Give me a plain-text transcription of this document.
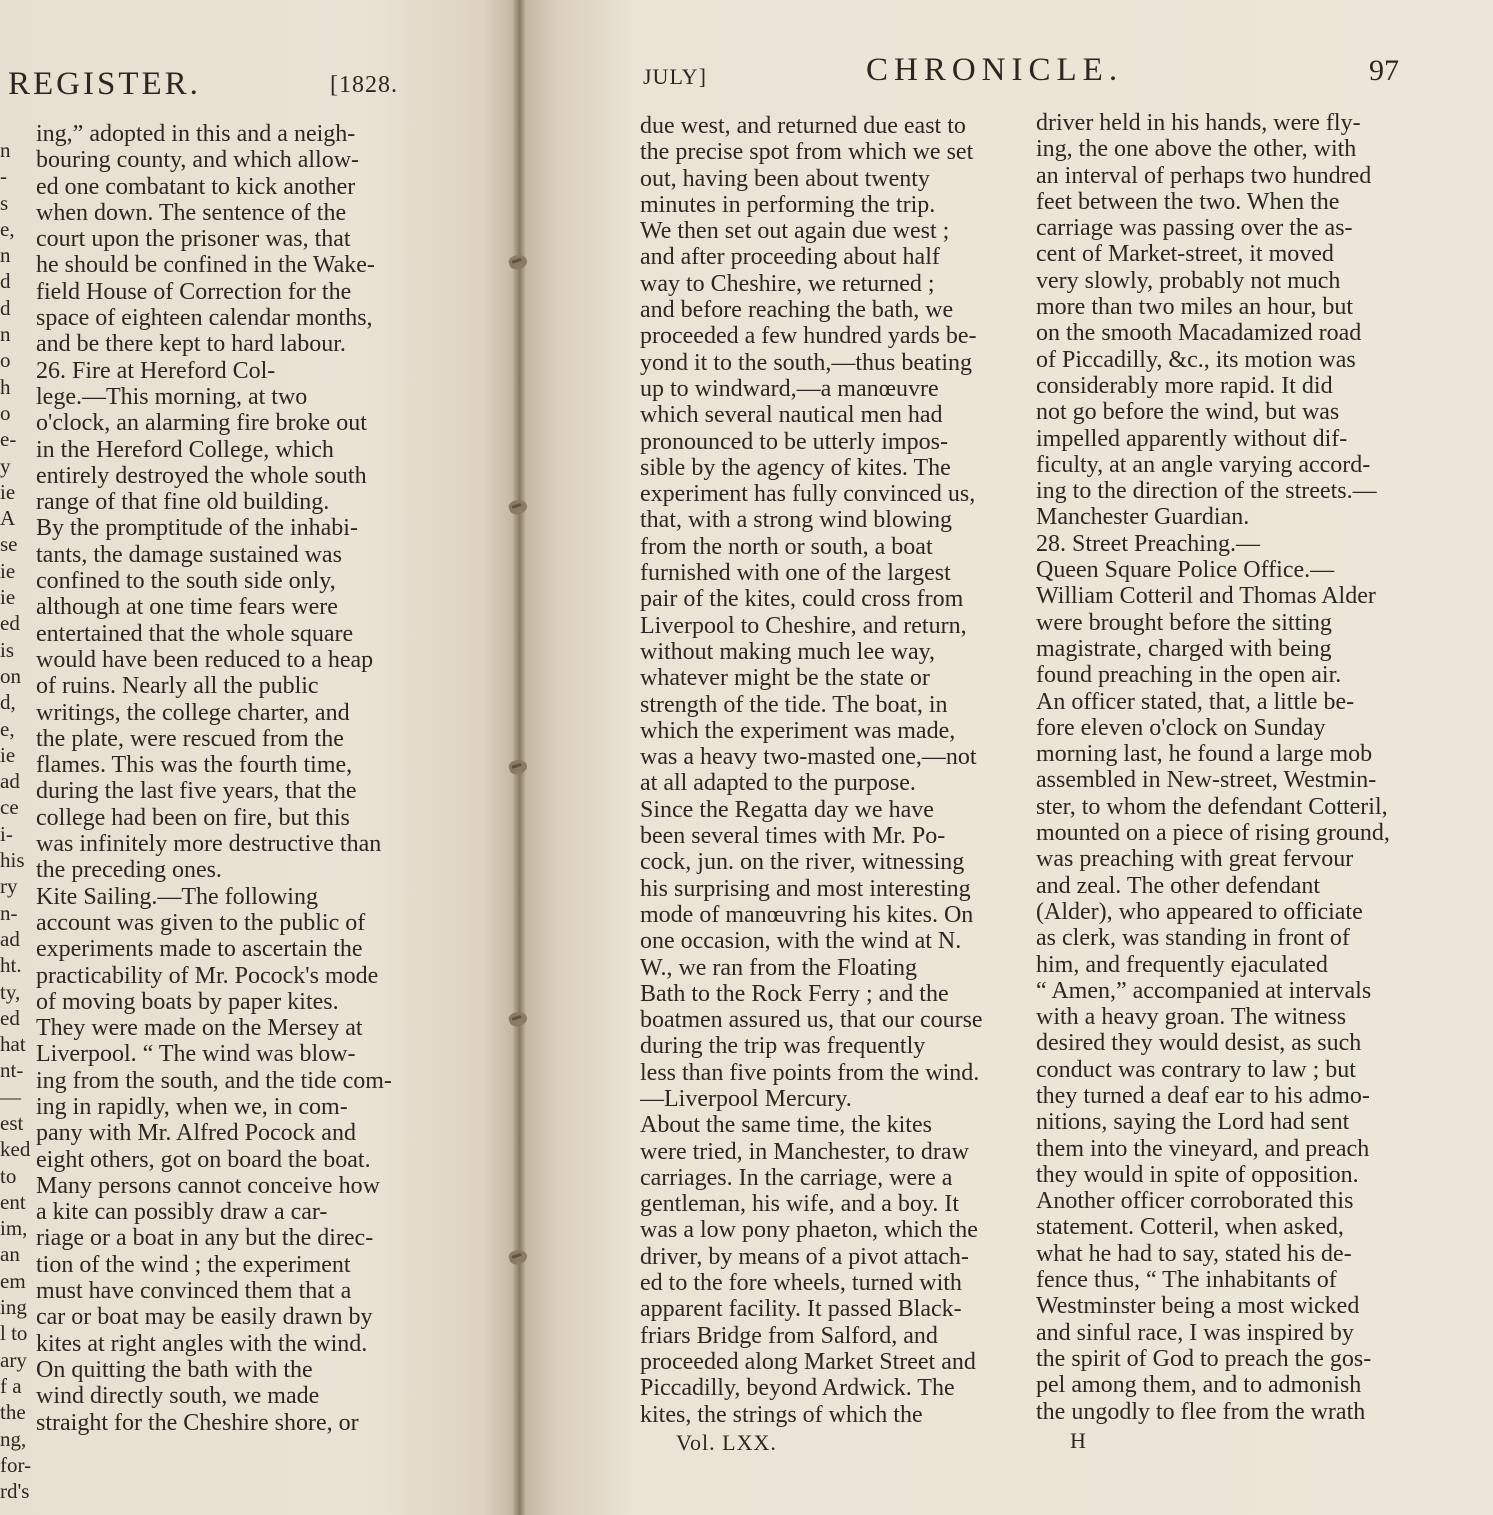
REGISTER.	[1828.
n
-
s
e,
n
d
d
n
o
h
o
e-
y
ie
A
se
ie
ie
ed
is
on
d,
e,
ie
ad
ce
i-
his
ry
n-
ad
ht.
ty,
ed
hat
nt-
—
est
ked
to
ent
im,
an
em
ing
l to
ary
f a
the
ng,
for-
rd's
ing,” adopted in this and a neigh-
bouring county, and which allow-
ed one combatant to kick another
when down. The sentence of the
court upon the prisoner was, that
he should be confined in the Wake-
field House of Correction for the
space of eighteen calendar months,
and be there kept to hard labour.
26. Fire at Hereford Col-
lege.—This morning, at two
o'clock, an alarming fire broke out
in the Hereford College, which
entirely destroyed the whole south
range of that fine old building.
By the promptitude of the inhabi-
tants, the damage sustained was
confined to the south side only,
although at one time fears were
entertained that the whole square
would have been reduced to a heap
of ruins. Nearly all the public
writings, the college charter, and
the plate, were rescued from the
flames. This was the fourth time,
during the last five years, that the
college had been on fire, but this
was infinitely more destructive than
the preceding ones.
Kite Sailing.—The following
account was given to the public of
experiments made to ascertain the
practicability of Mr. Pocock's mode
of moving boats by paper kites.
They were made on the Mersey at
Liverpool. “ The wind was blow-
ing from the south, and the tide com-
ing in rapidly, when we, in com-
pany with Mr. Alfred Pocock and
eight others, got on board the boat.
Many persons cannot conceive how
a kite can possibly draw a car-
riage or a boat in any but the direc-
tion of the wind ; the experiment
must have convinced them that a
car or boat may be easily drawn by
kites at right angles with the wind.
On quitting the bath with the
wind directly south, we made
straight for the Cheshire shore, or
JULY]	CHRONICLE.	97
due west, and returned due east to
the precise spot from which we set
out, having been about twenty
minutes in performing the trip.
We then set out again due west ;
and after proceeding about half
way to Cheshire, we returned ;
and before reaching the bath, we
proceeded a few hundred yards be-
yond it to the south,—thus beating
up to windward,—a manœuvre
which several nautical men had
pronounced to be utterly impos-
sible by the agency of kites. The
experiment has fully convinced us,
that, with a strong wind blowing
from the north or south, a boat
furnished with one of the largest
pair of the kites, could cross from
Liverpool to Cheshire, and return,
without making much lee way,
whatever might be the state or
strength of the tide. The boat, in
which the experiment was made,
was a heavy two-masted one,—not
at all adapted to the purpose.
Since the Regatta day we have
been several times with Mr. Po-
cock, jun. on the river, witnessing
his surprising and most interesting
mode of manœuvring his kites. On
one occasion, with the wind at N.
W., we ran from the Floating
Bath to the Rock Ferry ; and the
boatmen assured us, that our course
during the trip was frequently
less than five points from the wind.
—Liverpool Mercury.
About the same time, the kites
were tried, in Manchester, to draw
carriages. In the carriage, were a
gentleman, his wife, and a boy. It
was a low pony phaeton, which the
driver, by means of a pivot attach-
ed to the fore wheels, turned with
apparent facility. It passed Black-
friars Bridge from Salford, and
proceeded along Market Street and
Piccadilly, beyond Ardwick. The
kites, the strings of which the
driver held in his hands, were fly-
ing, the one above the other, with
an interval of perhaps two hundred
feet between the two. When the
carriage was passing over the as-
cent of Market-street, it moved
very slowly, probably not much
more than two miles an hour, but
on the smooth Macadamized road
of Piccadilly, &c., its motion was
considerably more rapid. It did
not go before the wind, but was
impelled apparently without dif-
ficulty, at an angle varying accord-
ing to the direction of the streets.—
Manchester Guardian.
28. Street Preaching.—
Queen Square Police Office.—
William Cotteril and Thomas Alder
were brought before the sitting
magistrate, charged with being
found preaching in the open air.
An officer stated, that, a little be-
fore eleven o'clock on Sunday
morning last, he found a large mob
assembled in New-street, Westmin-
ster, to whom the defendant Cotteril,
mounted on a piece of rising ground,
was preaching with great fervour
and zeal. The other defendant
(Alder), who appeared to officiate
as clerk, was standing in front of
him, and frequently ejaculated
“ Amen,” accompanied at intervals
with a heavy groan. The witness
desired they would desist, as such
conduct was contrary to law ; but
they turned a deaf ear to his admo-
nitions, saying the Lord had sent
them into the vineyard, and preach
they would in spite of opposition.
Another officer corroborated this
statement. Cotteril, when asked,
what he had to say, stated his de-
fence thus, “ The inhabitants of
Westminster being a most wicked
and sinful race, I was inspired by
the spirit of God to preach the gos-
pel among them, and to admonish
the ungodly to flee from the wrath
Vol. LXX.	H
